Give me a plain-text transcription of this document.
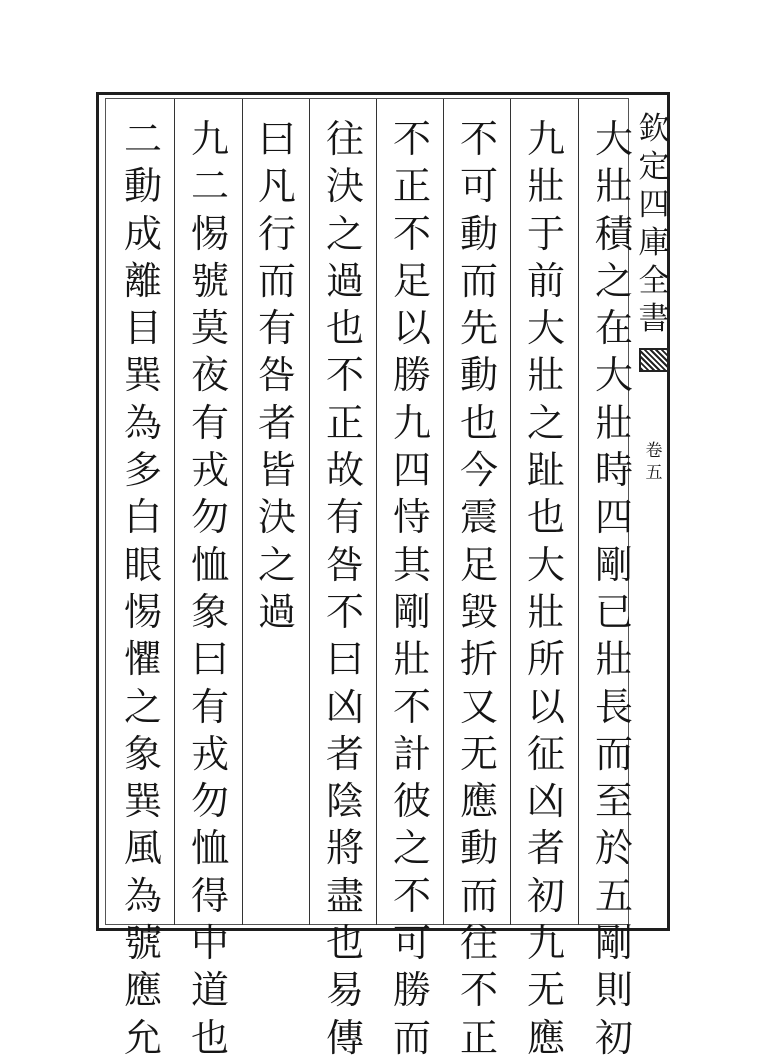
欽
定
四
庫
全
書
卷
五
大
壯
積
之
在
大
壯
時
四
剛
已
壯
長
而
至
於
五
剛
則
初
九
壯
于
前
大
壯
之
趾
也
大
壯
所
以
征
凶
者
初
九
无
應
不
可
動
而
先
動
也
今
震
足
毀
折
又
无
應
動
而
往
不
正
不
正
不
足
以
勝
九
四
恃
其
剛
壯
不
計
彼
之
不
可
勝
而
往
決
之
過
也
不
正
故
有
咎
不
曰
凶
者
陰
將
盡
也
易
傳
曰
凡
行
而
有
咎
者
皆
決
之
過
九
二
惕
號
莫
夜
有
戎
勿
恤
象
曰
有
戎
勿
恤
得
中
道
也
二
動
成
離
目
巽
為
多
白
眼
惕
懼
之
象
巽
風
為
號
應
允
